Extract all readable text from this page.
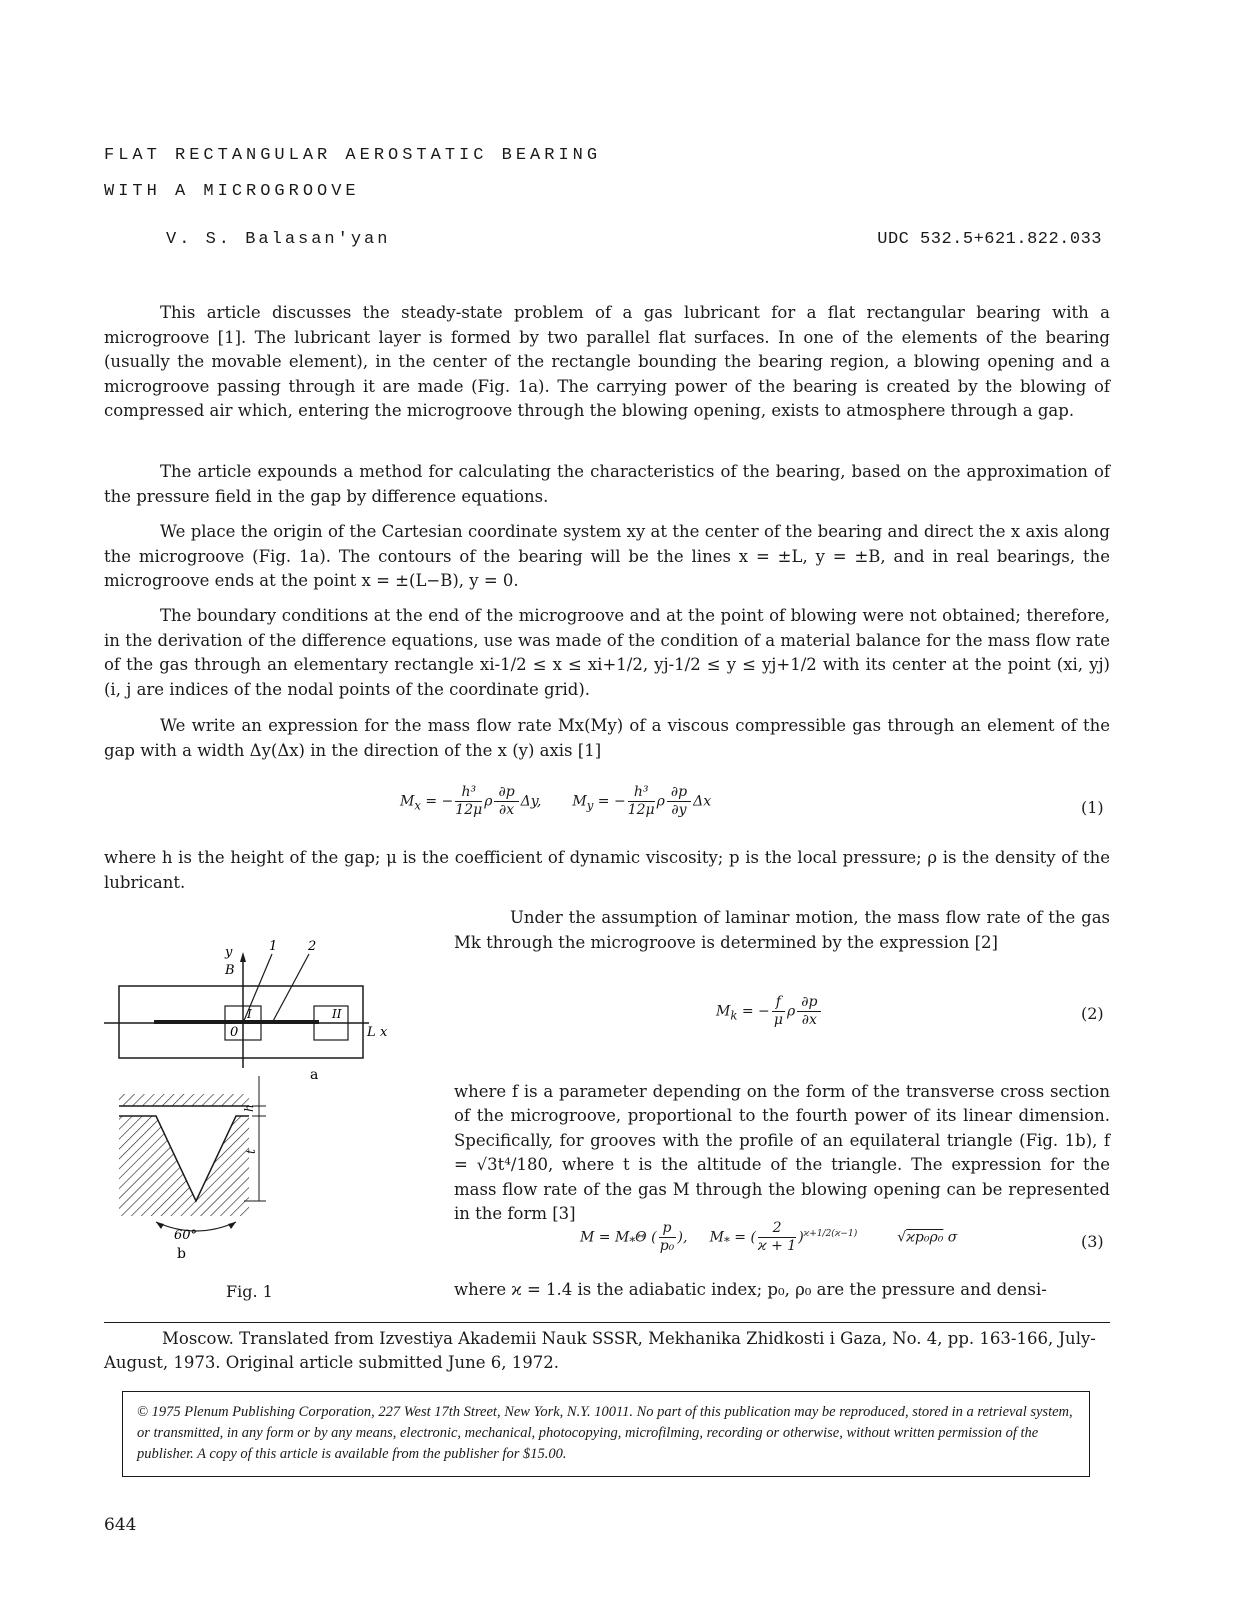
FLAT RECTANGULAR AEROSTATIC BEARING
WITH A MICROGROOVE
V. S. Balasan'yan	UDC 532.5+621.822.033

This article discusses the steady-state problem of a gas lubricant for a flat rectangular bearing with a microgroove [1]. The lubricant layer is formed by two parallel flat surfaces. In one of the elements of the bearing (usually the movable element), in the center of the rectangle bounding the bearing region, a blowing opening and a microgroove passing through it are made (Fig. 1a). The carrying power of the bearing is created by the blowing of compressed air which, entering the microgroove through the blowing opening, exists to atmosphere through a gap.

The article expounds a method for calculating the characteristics of the bearing, based on the approximation of the pressure field in the gap by difference equations.

We place the origin of the Cartesian coordinate system xy at the center of the bearing and direct the x axis along the microgroove (Fig. 1a). The contours of the bearing will be the lines x = ±L, y = ±B, and in real bearings, the microgroove ends at the point x = ±(L−B), y = 0.

The boundary conditions at the end of the microgroove and at the point of blowing were not obtained; therefore, in the derivation of the difference equations, use was made of the condition of a material balance for the mass flow rate of the gas through an elementary rectangle xi-1/2 ≤ x ≤ xi+1/2, yj-1/2 ≤ y ≤ yj+1/2 with its center at the point (xi, yj) (i, j are indices of the nodal points of the coordinate grid).

We write an expression for the mass flow rate Mx(My) of a viscous compressible gas through an element of the gap with a width Δy(Δx) in the direction of the x (y) axis [1]

$M_x$ = − $\frac{\text{h³}}{12\mu}$ ρ $\frac{\partial p}{\partial x} \Delta y$,       $M_y$ = − $\frac{\text{h³}}{12\mu}$ ρ $\frac{\partial p}{\partial y}$ Δx	(1)

where h is the height of the gap; μ is the coefficient of dynamic viscosity; p is the local pressure; ρ is the density of the lubricant.

Under the assumption of laminar motion, the mass flow rate of the gas Mk through the microgroove is determined by the expression [2]

$M_k$ = − $\frac{f}{\mu}$ ρ $\frac{\partial p}{\partial x}$	(2)

where f is a parameter depending on the form of the transverse cross section of the microgroove, proportional to the fourth power of its linear dimension. Specifically, for grooves with the profile of an equilateral triangle (Fig. 1b), f = √3t⁴/180, where t is the altitude of the triangle. The expression for the mass flow rate of the gas M through the blowing opening can be represented in the form [3]

$M = M_*\Theta$ ( $\frac{p}{\text{p₀}}$ ),     $M_*$ = ( $\frac{2}{ϰ + 1} )^{ϰ+1/2(ϰ-1)}$         √ϰp₀ρ₀ σ	(3)

where ϰ = 1.4 is the adiabatic index; p₀, ρ₀ are the pressure and densi-

y
B
1 2
0
I	II
L x
a
h
t
60°
b
Fig. 1
Moscow. Translated from Izvestiya Akademii Nauk SSSR, Mekhanika Zhidkosti i Gaza, No. 4, pp. 163-166, July-August, 1973. Original article submitted June 6, 1972.
© 1975 Plenum Publishing Corporation, 227 West 17th Street, New York, N.Y. 10011. No part of this publication may be reproduced, stored in a retrieval system, or transmitted, in any form or by any means, electronic, mechanical, photocopying, microfilming, recording or otherwise, without written permission of the publisher. A copy of this article is available from the publisher for $15.00.
644
